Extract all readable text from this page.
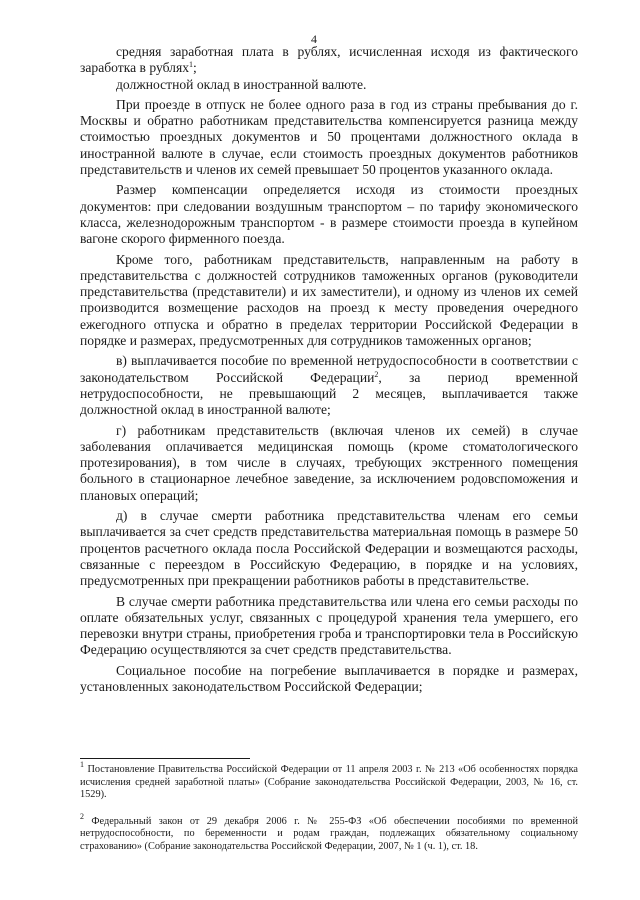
4

средняя заработная плата в рублях, исчисленная исходя из фактического заработка в рублях$^1$;

должностной оклад в иностранной валюте.

При проезде в отпуск не более одного раза в год из страны пребывания до г. Москвы и обратно работникам представительства компенсируется разница между стоимостью проездных документов и 50 процентами должностного оклада в иностранной валюте в случае, если стоимость проездных документов работников представительств и членов их семей превышает 50 процентов указанного оклада.

Размер компенсации определяется исходя из стоимости проездных документов: при следовании воздушным транспортом – по тарифу экономического класса, железнодорожным транспортом - в размере стоимости проезда в купейном вагоне скорого фирменного поезда.

Кроме того, работникам представительств, направленным на работу в представительства с должностей сотрудников таможенных органов (руководители представительства (представители) и их заместители), и одному из членов их семей производится возмещение расходов на проезд к месту проведения очередного ежегодного отпуска и обратно в пределах территории Российской Федерации в порядке и размерах, предусмотренных для сотрудников таможенных органов;

в) выплачивается пособие по временной нетрудоспособности в соответствии с законодательством Российской Федерации$^2$, за период временной нетрудоспособности, не превышающий 2 месяцев, выплачивается также должностной оклад в иностранной валюте;

г) работникам представительств (включая членов их семей) в случае заболевания оплачивается медицинская помощь (кроме стоматологического протезирования), в том числе в случаях, требующих экстренного помещения больного в стационарное лечебное заведение, за исключением родовспоможения и плановых операций;

д) в случае смерти работника представительства членам его семьи выплачивается за счет средств представительства материальная помощь в размере 50 процентов расчетного оклада посла Российской Федерации и возмещаются расходы, связанные с переездом в Российскую Федерацию, в порядке и на условиях, предусмотренных при прекращении работников работы в представительстве.

В случае смерти работника представительства или члена его семьи расходы по оплате обязательных услуг, связанных с процедурой хранения тела умершего, его перевозки внутри страны, приобретения гроба и транспортировки тела в Российскую Федерацию осуществляются за счет средств представительства.

Социальное пособие на погребение выплачивается в порядке и размерах, установленных законодательством Российской Федерации;

$^1$ Постановление Правительства Российской Федерации от 11 апреля 2003 г. № 213 «Об особенностях порядка исчисления средней заработной платы» (Собрание законодательства Российской Федерации, 2003, № 16, ст. 1529).

$^2$ Федеральный закон от 29 декабря 2006 г. № 255-ФЗ «Об обеспечении пособиями по временной нетрудоспособности, по беременности и родам граждан, подлежащих обязательному социальному страхованию» (Собрание законодательства Российской Федерации, 2007, № 1 (ч. 1), ст. 18.
